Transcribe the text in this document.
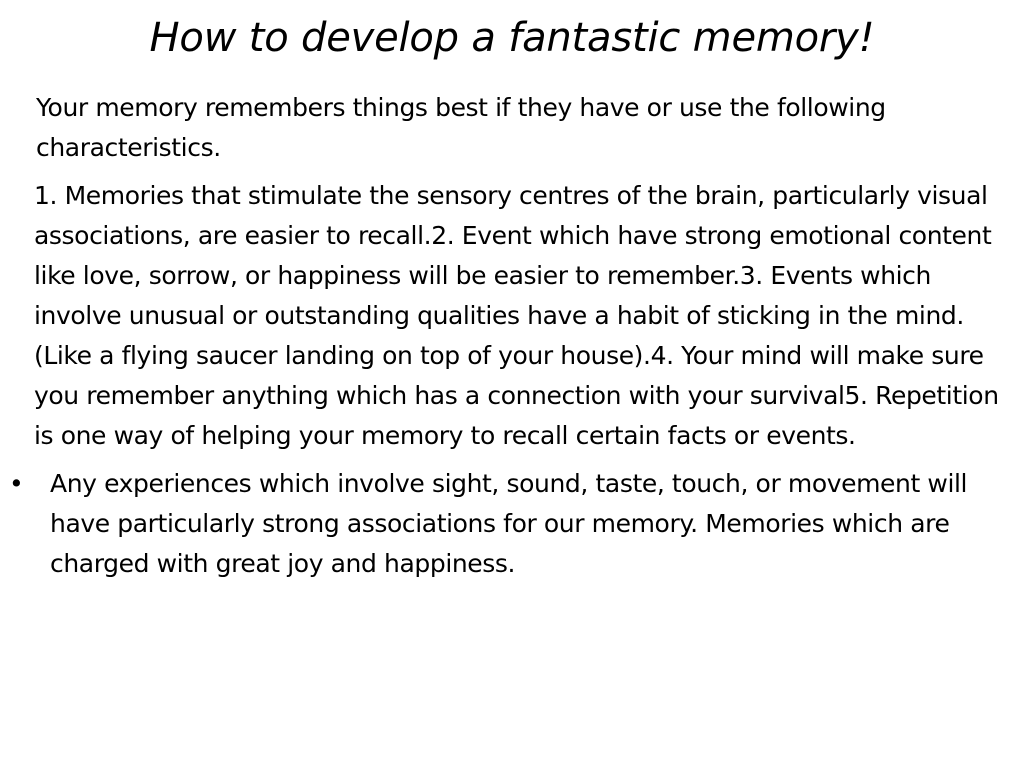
How to develop a fantastic memory!

Your memory remembers things best if they have or use the following characteristics.

1. Memories that stimulate the sensory centres of the brain, particularly visual associations, are easier to recall.2. Event which have strong emotional content like love, sorrow, or happiness will be easier to remember.3. Events which involve unusual or outstanding qualities have a habit of sticking in the mind. (Like a flying saucer landing on top of your house).4. Your mind will make sure you remember anything which has a connection with your survival5. Repetition is one way of helping your memory to recall certain facts or events.

• Any experiences which involve sight, sound, taste, touch, or movement will have particularly strong associations for our memory. Memories which are charged with great joy and happiness.
